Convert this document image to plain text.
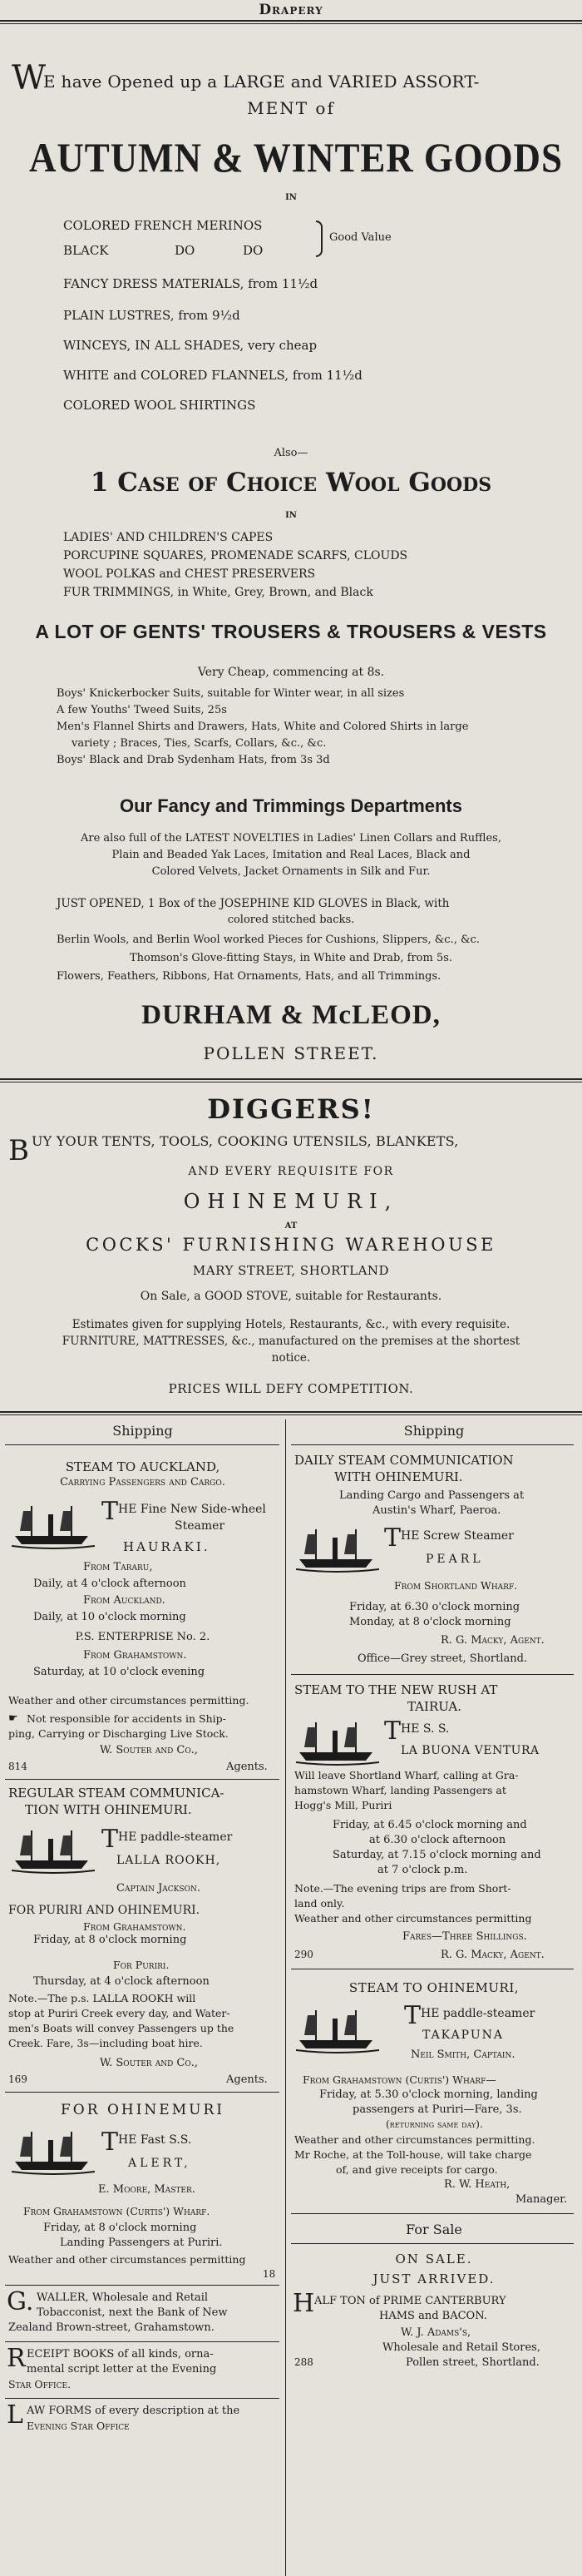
Drapery
W
E have Opened up a LARGE and VARIED ASSORT-
MENT of
AUTUMN & WINTER GOODS
IN
COLORED FRENCH MERINOS
BLACK	DO	DO
Good Value
FANCY DRESS MATERIALS, from 11½d
PLAIN LUSTRES, from 9½d
WINCEYS, IN ALL SHADES, very cheap
WHITE and COLORED FLANNELS, from 11½d
COLORED WOOL SHIRTINGS
Also—
1 Case of Choice Wool Goods
IN
LADIES' AND CHILDREN'S CAPES
PORCUPINE SQUARES, PROMENADE SCARFS, CLOUDS
WOOL POLKAS and CHEST PRESERVERS
FUR TRIMMINGS, in White, Grey, Brown, and Black
A LOT OF GENTS' TROUSERS & TROUSERS & VESTS
Very Cheap, commencing at 8s.
Boys' Knickerbocker Suits, suitable for Winter wear, in all sizes
A few Youths' Tweed Suits, 25s
Men's Flannel Shirts and Drawers, Hats, White and Colored Shirts in large
variety ; Braces, Ties, Scarfs, Collars, &c., &c.
Boys' Black and Drab Sydenham Hats, from 3s 3d
Our Fancy and Trimmings Departments
Are also full of the LATEST NOVELTIES in Ladies' Linen Collars and Ruffles,
Plain and Beaded Yak Laces, Imitation and Real Laces, Black and
Colored Velvets, Jacket Ornaments in Silk and Fur.
JUST OPENED, 1 Box of the JOSEPHINE KID GLOVES in Black, with
colored stitched backs.
Berlin Wools, and Berlin Wool worked Pieces for Cushions, Slippers, &c., &c.
Thomson's Glove-fitting Stays, in White and Drab, from 5s.
Flowers, Feathers, Ribbons, Hat Ornaments, Hats, and all Trimmings.
DURHAM & McLEOD,
POLLEN STREET.
DIGGERS!
B UY YOUR TENTS, TOOLS, COOKING UTENSILS, BLANKETS,
AND EVERY REQUISITE FOR
OHINEMURI,
AT
COCKS' FURNISHING WAREHOUSE
MARY STREET, SHORTLAND
On Sale, a GOOD STOVE, suitable for Restaurants.
Estimates given for supplying Hotels, Restaurants, &c., with every requisite.
FURNITURE, MATTRESSES, &c., manufactured on the premises at the shortest
notice.
PRICES WILL DEFY COMPETITION.
Shipping
STEAM TO AUCKLAND,
Carrying Passengers and Cargo.
T HE Fine New Side-wheel
Steamer
HAURAKI.
From Tararu,
Daily, at 4 o'clock afternoon
From Auckland.
Daily, at 10 o'clock morning
P.S. ENTERPRISE No. 2.
From Grahamstown.
Saturday, at 10 o'clock evening
Weather and other circumstances permitting.
☛ Not responsible for accidents in Ship-
ping, Carrying or Discharging Live Stock.
W. Souter and Co.,
814	Agents.
REGULAR STEAM COMMUNICA-
TION WITH OHINEMURI.
T HE paddle-steamer
LALLA ROOKH,
Captain Jackson.
FOR PURIRI AND OHINEMURI.
From Grahamstown.
Friday, at 8 o'clock morning
For Puriri.
Thursday, at 4 o'clock afternoon
Note.—The p.s. LALLA ROOKH will
stop at Puriri Creek every day, and Water-
men's Boats will convey Passengers up the
Creek. Fare, 3s—including boat hire.
W. Souter and Co.,
169	Agents.
FOR OHINEMURI
T HE Fast S.S.
ALERT,
E. Moore, Master.
From Grahamstown (Curtis') Wharf.
Friday, at 8 o'clock morning
Landing Passengers at Puriri.
Weather and other circumstances permitting
18
G. WALLER, Wholesale and Retail
Tobacconist, next the Bank of New
Zealand Brown-street, Grahamstown.
R ECEIPT BOOKS of all kinds, orna-
mental script letter at the Evening
Star Office.
L AW FORMS of every description at the
Evening Star Office
Shipping
DAILY STEAM COMMUNICATION
WITH OHINEMURI.
Landing Cargo and Passengers at
Austin's Wharf, Paeroa.
T HE Screw Steamer
PEARL
From Shortland Wharf.
Friday, at 6.30 o'clock morning
Monday, at 8 o'clock morning
R. G. Macky, Agent.
Office—Grey street, Shortland.
STEAM TO THE NEW RUSH AT
TAIRUA.
T HE S. S.
LA BUONA VENTURA
Will leave Shortland Wharf, calling at Gra-
hamstown Wharf, landing Passengers at
Hogg's Mill, Puriri
Friday, at 6.45 o'clock morning and
at 6.30 o'clock afternoon
Saturday, at 7.15 o'clock morning and
at 7 o'clock p.m.
Note.—The evening trips are from Short-
land only.
Weather and other circumstances permitting
Fares—Three Shillings.
290	R. G. Macky, Agent.
STEAM TO OHINEMURI,
T HE paddle-steamer
TAKAPUNA
Neil Smith, Captain.
From Grahamstown (Curtis') Wharf—
Friday, at 5.30 o'clock morning, landing
passengers at Puriri—Fare, 3s.
(returning same day).
Weather and other circumstances permitting.
Mr Roche, at the Toll-house, will take charge
of, and give receipts for cargo.
R. W. Heath,
Manager.
For Sale
ON SALE.
JUST ARRIVED.
H ALF TON of PRIME CANTERBURY
HAMS and BACON.
W. J. Adams's,
Wholesale and Retail Stores,
288	Pollen street, Shortland.
